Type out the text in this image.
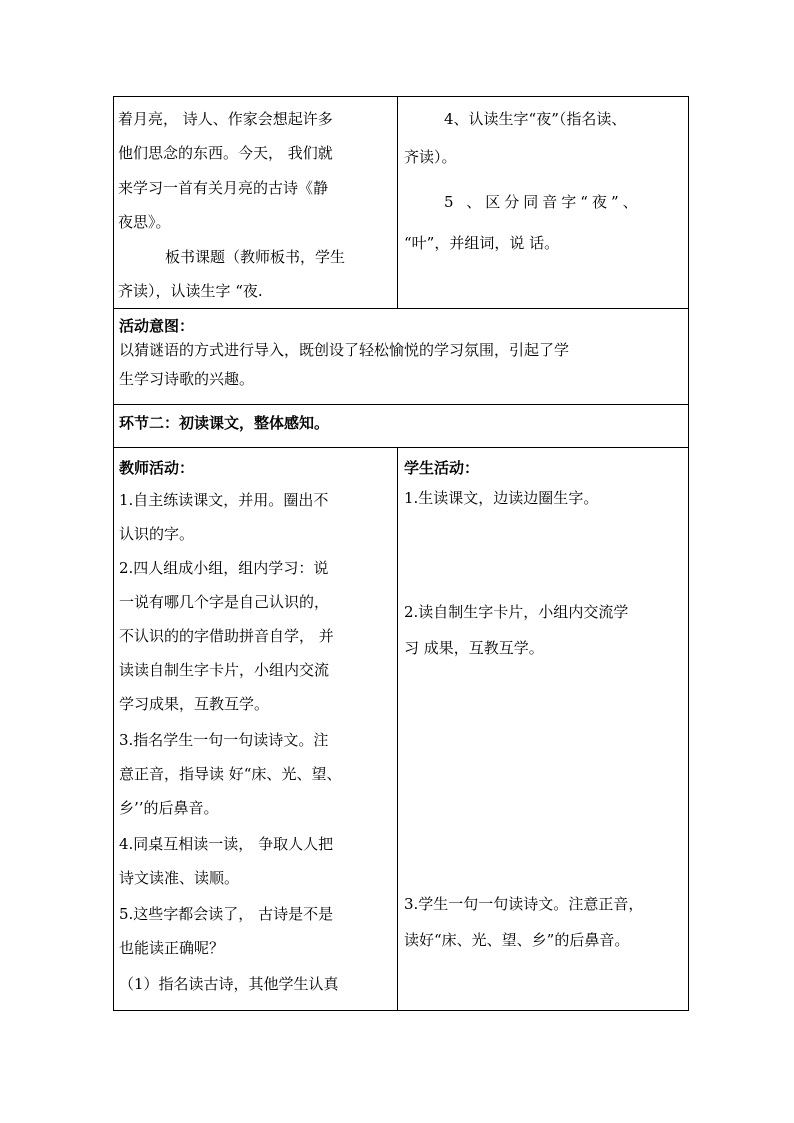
着月亮， 诗人、作家会想起许多
他们思念的东西。今天， 我们就
来学习一首有关月亮的古诗《静
夜思》。
板书课题（教师板书，学生
齐读），认读生字 “夜.
4、认读生字“夜”（指名读、
齐读）。
5 、区分同音字“夜”、
“叶”，并组词，说 话。
活动意图：
以猜谜语的方式进行导入，既创设了轻松愉悦的学习氛围，引起了学
生学习诗歌的兴趣。
环节二：初读课文，整体感知。
教师活动：
1.自主练读课文，并用。圈出不
认识的字。
2.四人组成小组，组内学习：说
一说有哪几个字是自己认识的，
不认识的的字借助拼音自学， 并
读读自制生字卡片，小组内交流
学习成果，互教互学。
3.指名学生一句一句读诗文。注
意正音，指导读 好“床、光、望、
乡’’的后鼻音。
4.同桌互相读一读， 争取人人把
诗文读准、读顺。
5.这些字都会读了， 古诗是不是
也能读正确呢？
（1）指名读古诗，其他学生认真
学生活动：
1.生读课文，边读边圈生字。
2.读自制生字卡片，小组内交流学
习 成果，互教互学。
3.学生一句一句读诗文。注意正音，
读好“床、光、望、乡”的后鼻音。
